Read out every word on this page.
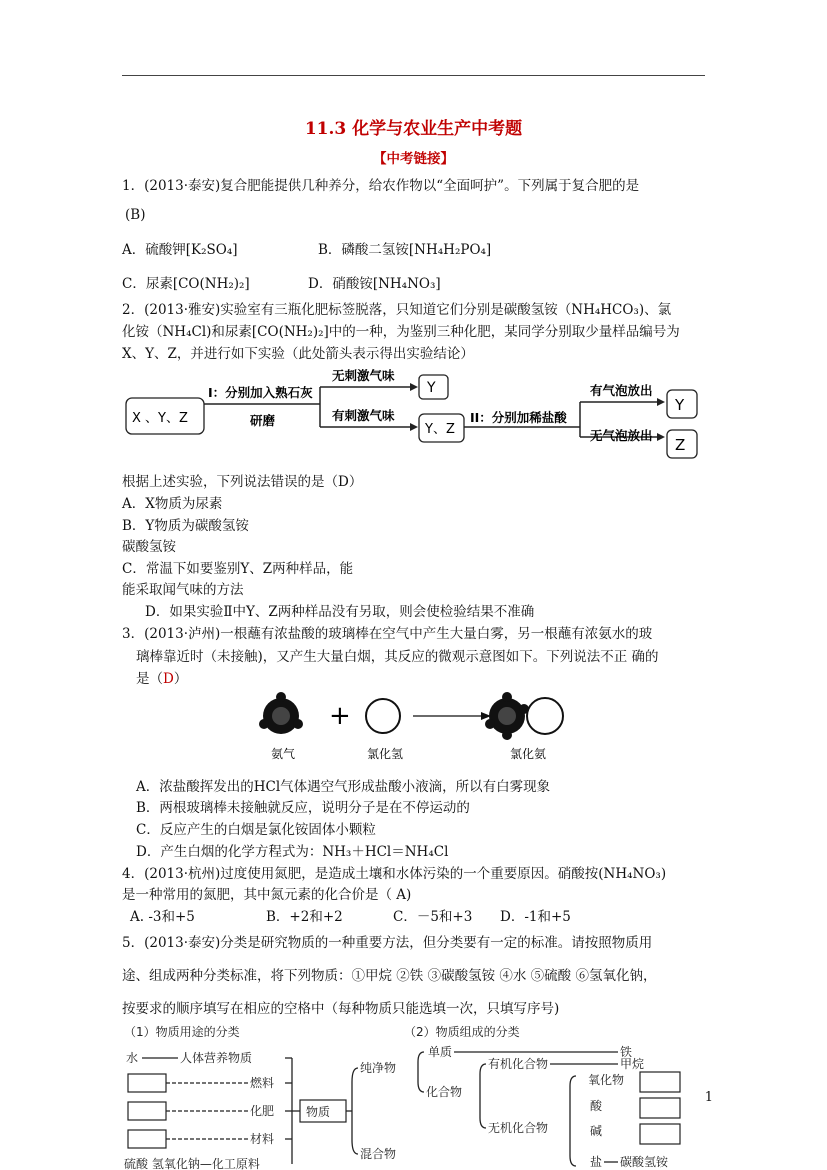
11.3 化学与农业生产中考题
【中考链接】
1．(2013·泰安)复合肥能提供几种养分，给农作物以“全面呵护”。下列属于复合肥的是
(B)
A．硫酸钾[K₂SO₄]	B．磷酸二氢铵[NH₄H₂PO₄]
C．尿素[CO(NH₂)₂]	D．硝酸铵[NH₄NO₃]
2．(2013·雅安)实验室有三瓶化肥标签脱落，只知道它们分别是碳酸氢铵（NH₄HCO₃)、氯
化铵（NH₄Cl)和尿素[CO(NH₂)₂]中的一种，为鉴别三种化肥，某同学分别取少量样品编号为
X、Y、Z，并进行如下实验（此处箭头表示得出实验结论）
X 、Y、Z
I：分别加入熟石灰
研磨
无刺激气味
Y
有刺激气味
Y、Z
II：分别加稀盐酸
有气泡放出
Y
无气泡放出
Z
根据上述实验，下列说法错误的是（D）
A．X物质为尿素
B．Y物质为碳酸氢铵
碳酸氢铵
C．常温下如要鉴别Y、Z两种样品，能
能采取闻气味的方法
D．如果实验Ⅱ中Y、Z两种样品没有另取，则会使检验结果不准确
3．(2013·泸州)一根蘸有浓盐酸的玻璃棒在空气中产生大量白雾，另一根蘸有浓氨水的玻
璃棒靠近时（未接触)，又产生大量白烟，其反应的微观示意图如下。下列说法不正 确的
是（D）
+
氨气	氯化氢	氯化氨
A．浓盐酸挥发出的HCl气体遇空气形成盐酸小液滴，所以有白雾现象
B．两根玻璃棒未接触就反应，说明分子是在不停运动的
C．反应产生的白烟是氯化铵固体小颗粒
D．产生白烟的化学方程式为：NH₃＋HCl＝NH₄Cl
4．(2013·杭州)过度使用氮肥，是造成土壤和水体污染的一个重要原因。硝酸按(NH₄NO₃)
是一种常用的氮肥，其中氮元素的化合价是（ A)
A. -3和+5	B．+2和+2	C．－5和+3 D．-1和+5
5．(2013·泰安)分类是研究物质的一种重要方法，但分类要有一定的标准。请按照物质用
途、组成两种分类标准，将下列物质：①甲烷 ②铁 ③碳酸氢铵 ④水 ⑤硫酸 ⑥氢氧化钠，
按要求的顺序填写在相应的空格中（每种物质只能选填一次，只填写序号)
（1）物质用途的分类
水	人体营养物质
燃料
化肥
材料
硫酸 氢氧化钠—化工原料
物质
纯净物
混合物
（2）物质组成的分类
单质	铁
化合物
有机化合物	甲烷
无机化合物
氧化物
酸
碱
盐 碳酸氢铵
1
